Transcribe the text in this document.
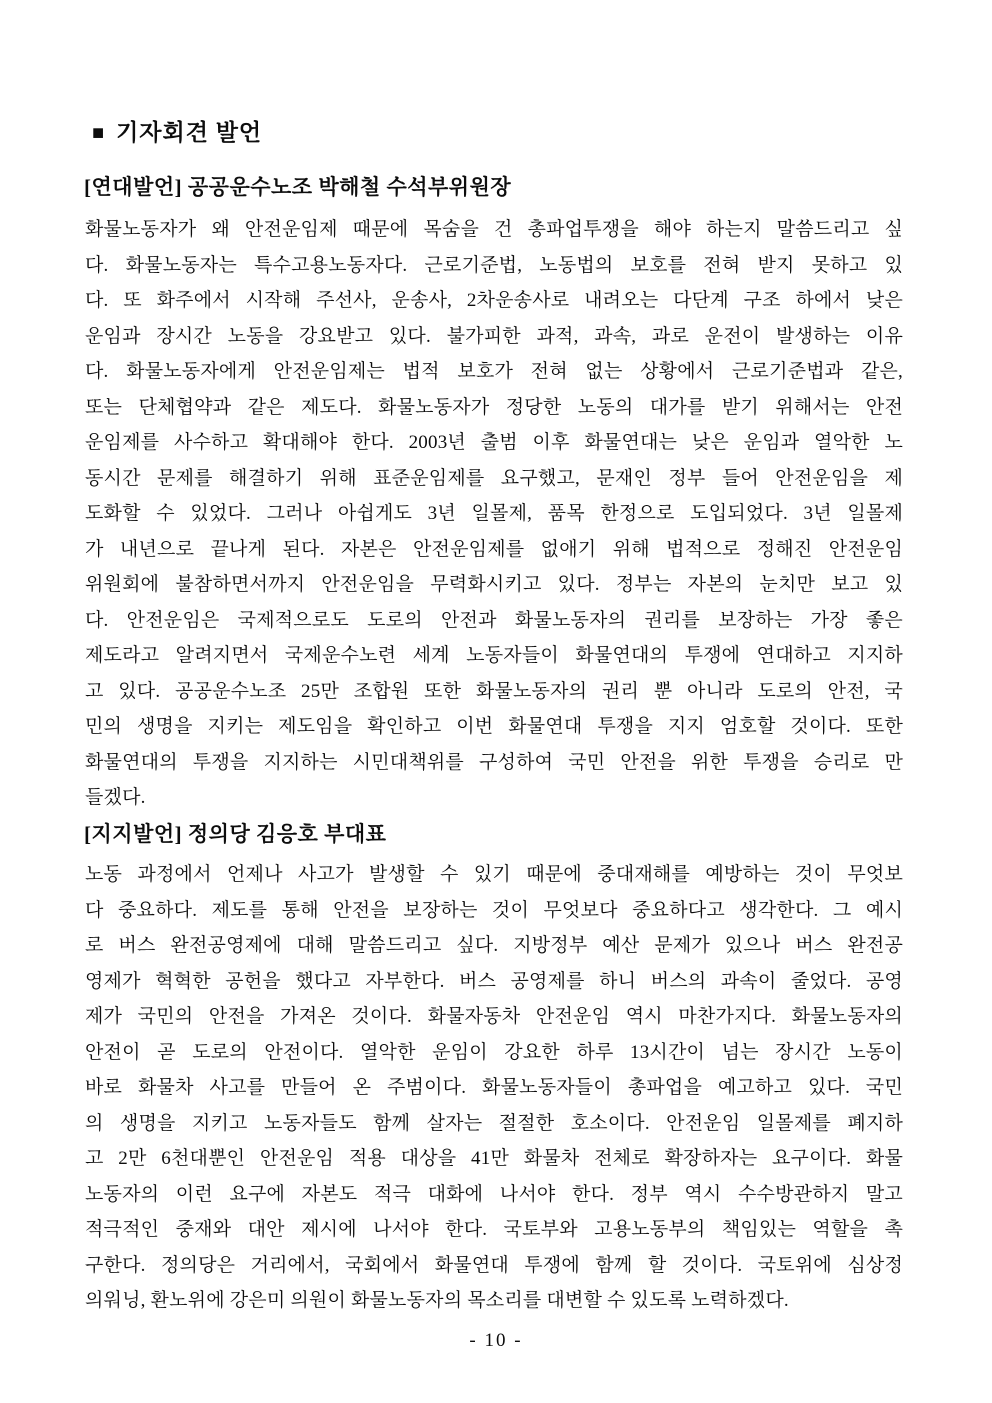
■ 기자회견 발언
[연대발언] 공공운수노조 박해철 수석부위원장
화물노동자가 왜 안전운임제 때문에 목숨을 건 총파업투쟁을 해야 하는지 말씀드리고 싶
다. 화물노동자는 특수고용노동자다. 근로기준법, 노동법의 보호를 전혀 받지 못하고 있
다. 또 화주에서 시작해 주선사, 운송사, 2차운송사로 내려오는 다단계 구조 하에서 낮은
운임과 장시간 노동을 강요받고 있다. 불가피한 과적, 과속, 과로 운전이 발생하는 이유
다. 화물노동자에게 안전운임제는 법적 보호가 전혀 없는 상황에서 근로기준법과 같은,
또는 단체협약과 같은 제도다. 화물노동자가 정당한 노동의 대가를 받기 위해서는 안전
운임제를 사수하고 확대해야 한다. 2003년 출범 이후 화물연대는 낮은 운임과 열악한 노
동시간 문제를 해결하기 위해 표준운임제를 요구했고, 문재인 정부 들어 안전운임을 제
도화할 수 있었다. 그러나 아쉽게도 3년 일몰제, 품목 한정으로 도입되었다. 3년 일몰제
가 내년으로 끝나게 된다. 자본은 안전운임제를 없애기 위해 법적으로 정해진 안전운임
위원회에 불참하면서까지 안전운임을 무력화시키고 있다. 정부는 자본의 눈치만 보고 있
다. 안전운임은 국제적으로도 도로의 안전과 화물노동자의 권리를 보장하는 가장 좋은
제도라고 알려지면서 국제운수노련 세계 노동자들이 화물연대의 투쟁에 연대하고 지지하
고 있다. 공공운수노조 25만 조합원 또한 화물노동자의 권리 뿐 아니라 도로의 안전, 국
민의 생명을 지키는 제도임을 확인하고 이번 화물연대 투쟁을 지지 엄호할 것이다. 또한
화물연대의 투쟁을 지지하는 시민대책위를 구성하여 국민 안전을 위한 투쟁을 승리로 만
들겠다.
[지지발언] 정의당 김응호 부대표
노동 과정에서 언제나 사고가 발생할 수 있기 때문에 중대재해를 예방하는 것이 무엇보
다 중요하다. 제도를 통해 안전을 보장하는 것이 무엇보다 중요하다고 생각한다. 그 예시
로 버스 완전공영제에 대해 말씀드리고 싶다. 지방정부 예산 문제가 있으나 버스 완전공
영제가 혁혁한 공헌을 했다고 자부한다. 버스 공영제를 하니 버스의 과속이 줄었다. 공영
제가 국민의 안전을 가져온 것이다. 화물자동차 안전운임 역시 마찬가지다. 화물노동자의
안전이 곧 도로의 안전이다. 열악한 운임이 강요한 하루 13시간이 넘는 장시간 노동이
바로 화물차 사고를 만들어 온 주범이다. 화물노동자들이 총파업을 예고하고 있다. 국민
의 생명을 지키고 노동자들도 함께 살자는 절절한 호소이다. 안전운임 일몰제를 폐지하
고 2만 6천대뿐인 안전운임 적용 대상을 41만 화물차 전체로 확장하자는 요구이다. 화물
노동자의 이런 요구에 자본도 적극 대화에 나서야 한다. 정부 역시 수수방관하지 말고
적극적인 중재와 대안 제시에 나서야 한다. 국토부와 고용노동부의 책임있는 역할을 촉
구한다. 정의당은 거리에서, 국회에서 화물연대 투쟁에 함께 할 것이다. 국토위에 심상정
의워닝, 환노위에 강은미 의원이 화물노동자의 목소리를 대변할 수 있도록 노력하겠다.
- 10 -
